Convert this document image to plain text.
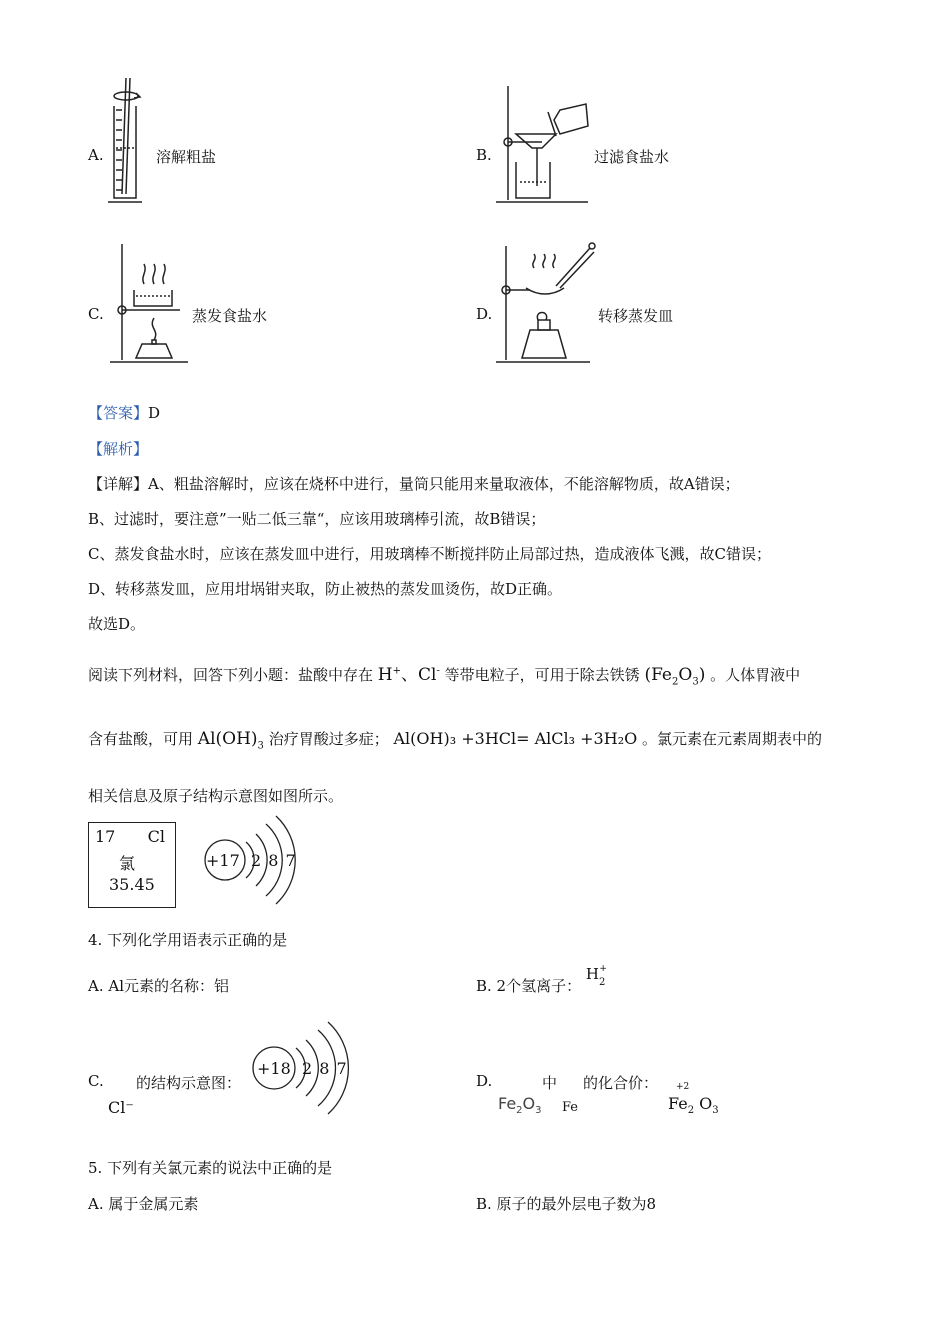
A.	溶解粗盐	B.	过滤食盐水
C.	蒸发食盐水	D.	转移蒸发皿
【答案】D
【解析】
【详解】A、粗盐溶解时，应该在烧杯中进行，量筒只能用来量取液体，不能溶解物质，故A错误；
B、过滤时，要注意”一贴二低三靠“，应该用玻璃棒引流，故B错误；
C、蒸发食盐水时，应该在蒸发皿中进行，用玻璃棒不断搅拌防止局部过热，造成液体飞溅，故C错误；
D、转移蒸发皿，应用坩埚钳夹取，防止被热的蒸发皿烫伤，故D正确。
故选D。
阅读下列材料，回答下列小题：盐酸中存在 H+、Cl- 等带电粒子，可用于除去铁锈 $(Fe_2O_3)$ 。人体胃液中
含有盐酸，可用 $Al(OH)_3$ 治疗胃酸过多症； Al(OH)₃ +3HCl= AlCl₃ +3H₂O 。氯元素在元素周期表中的
相关信息及原子结构示意图如图所示。
17 Cl
氯
35.45
+17 2 8 7
4. 下列化学用语表示正确的是
A. Al元素的名称：铝	B. 2个氢离子： $H_2^+$
C. 的结构示意图：
Cl⁻
+18 2 8 7
D.	中 的化合价：
$Fe_2O_3$ Fe
+2
$Fe_2$ $O_3$
5. 下列有关氯元素的说法中正确的是
A. 属于金属元素	B. 原子的最外层电子数为8
